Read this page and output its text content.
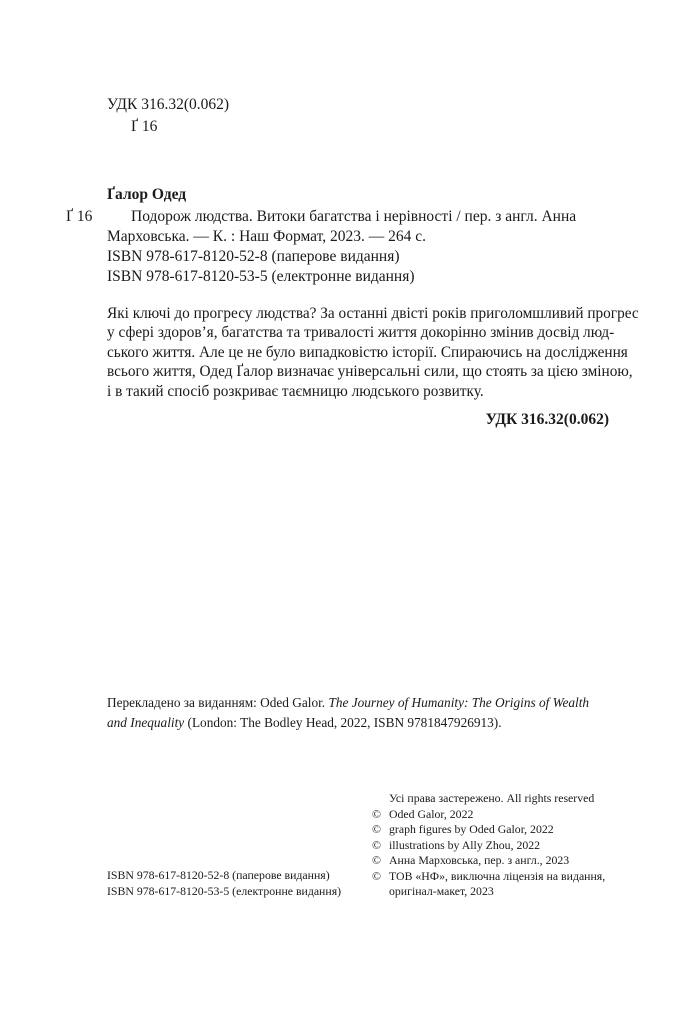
УДК 316.32(0.062)
Ґ 16
Ґалор Одед
Ґ 16 Подорож людства. Витоки багатства і нерівності / пер. з англ. Анна
Марховська. — К. : Наш Формат, 2023. — 264 с.
ISBN 978-617-8120-52-8 (паперове видання)
ISBN 978-617-8120-53-5 (електронне видання)
Які ключі до прогресу людства? За останні двісті років приголомшливий прогрес
у сфері здоров’я, багатства та тривалості життя докорінно змінив досвід люд-
ського життя. Але це не було випадковістю історії. Спираючись на дослідження
всього життя, Одед Ґалор визначає універсальні сили, що стоять за цією зміною,
і в такий спосіб розкриває таємницю людського розвитку.
УДК 316.32(0.062)
Перекладено за виданням: Oded Galor. The Journey of Humanity: The Origins of Wealth
and Inequality (London: The Bodley Head, 2022, ISBN 9781847926913).
Усі права застережено. All rights reserved
© Oded Galor, 2022
© graph figures by Oded Galor, 2022
© illustrations by Ally Zhou, 2022
© Анна Марховська, пер. з англ., 2023
© ТОВ «НФ», виключна ліцензія на видання,
оригінал-макет, 2023
ISBN 978-617-8120-52-8 (паперове видання)
ISBN 978-617-8120-53-5 (електронне видання)
